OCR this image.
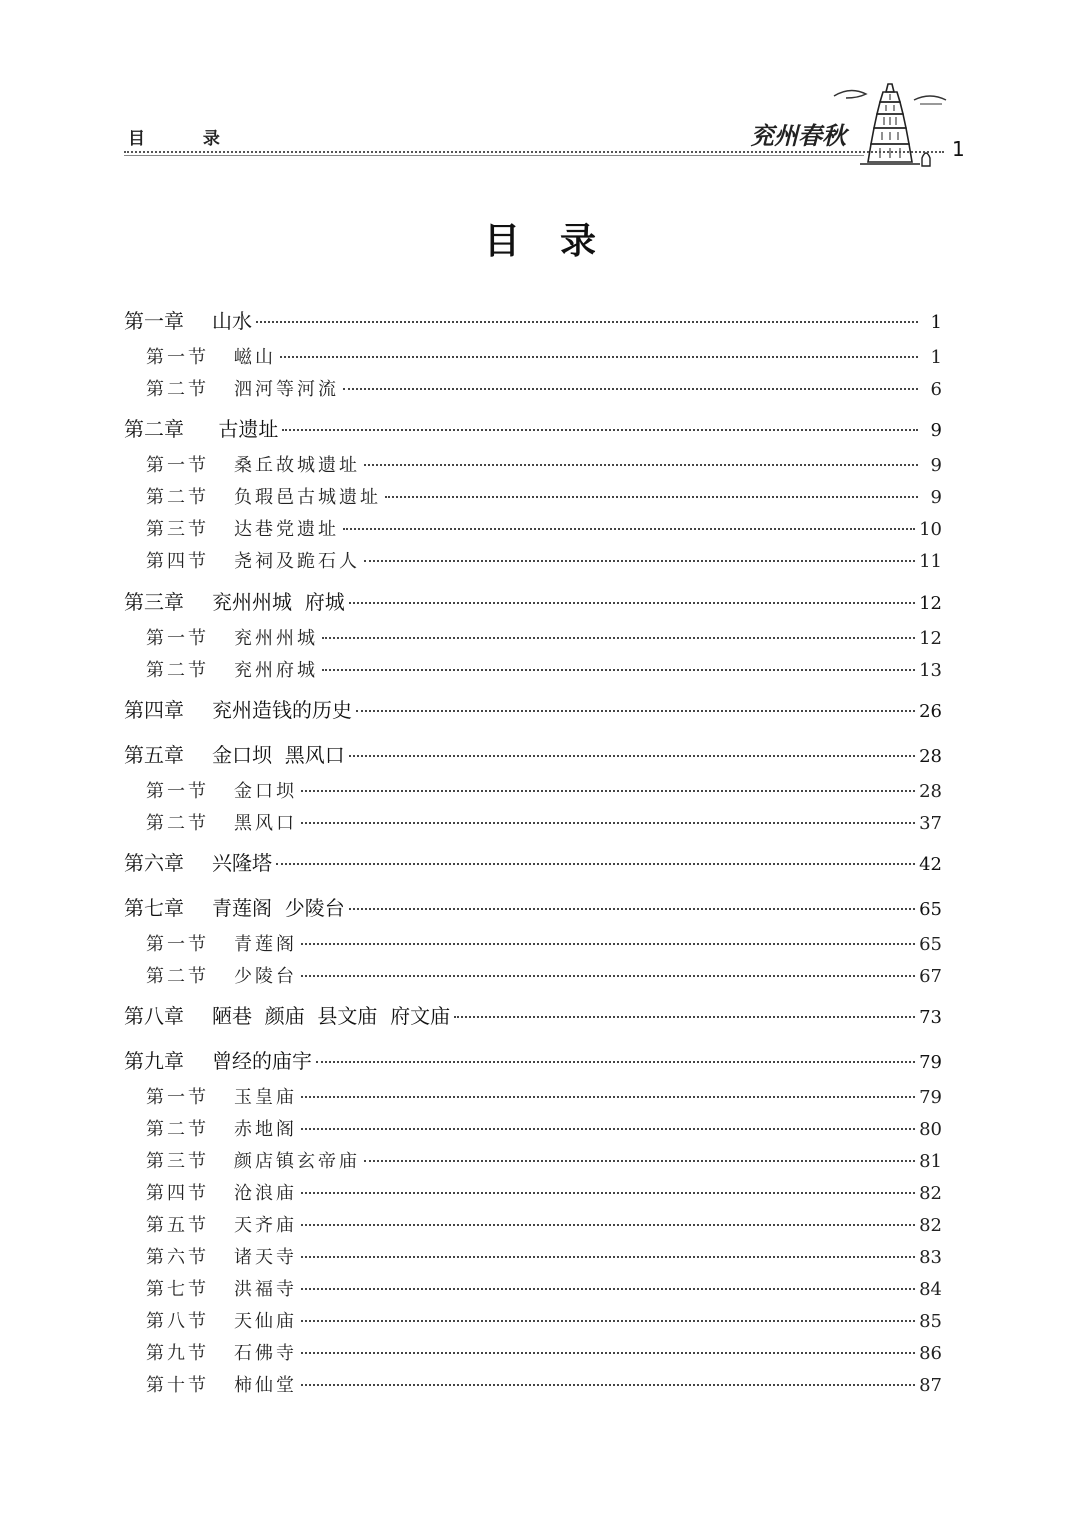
目 录	兖州春秋	1
目录
第一章	山水	1
第一节	嵫山	1
第二节	泗河等河流	6
第二章	古遗址	9
第一节	桑丘故城遗址	9
第二节	负瑕邑古城遗址	9
第三节	达巷党遗址	10
第四节	尧祠及跪石人	11
第三章	兖州州城  府城	12
第一节	兖州州城	12
第二节	兖州府城	13
第四章	兖州造钱的历史	26
第五章	金口坝  黑风口	28
第一节	金口坝	28
第二节	黑风口	37
第六章	兴隆塔	42
第七章	青莲阁  少陵台	65
第一节	青莲阁	65
第二节	少陵台	67
第八章	陋巷  颜庙  县文庙  府文庙	73
第九章	曾经的庙宇	79
第一节	玉皇庙	79
第二节	赤地阁	80
第三节	颜店镇玄帝庙	81
第四节	沧浪庙	82
第五节	天齐庙	82
第六节	诸天寺	83
第七节	洪福寺	84
第八节	天仙庙	85
第九节	石佛寺	86
第十节	柿仙堂	87
